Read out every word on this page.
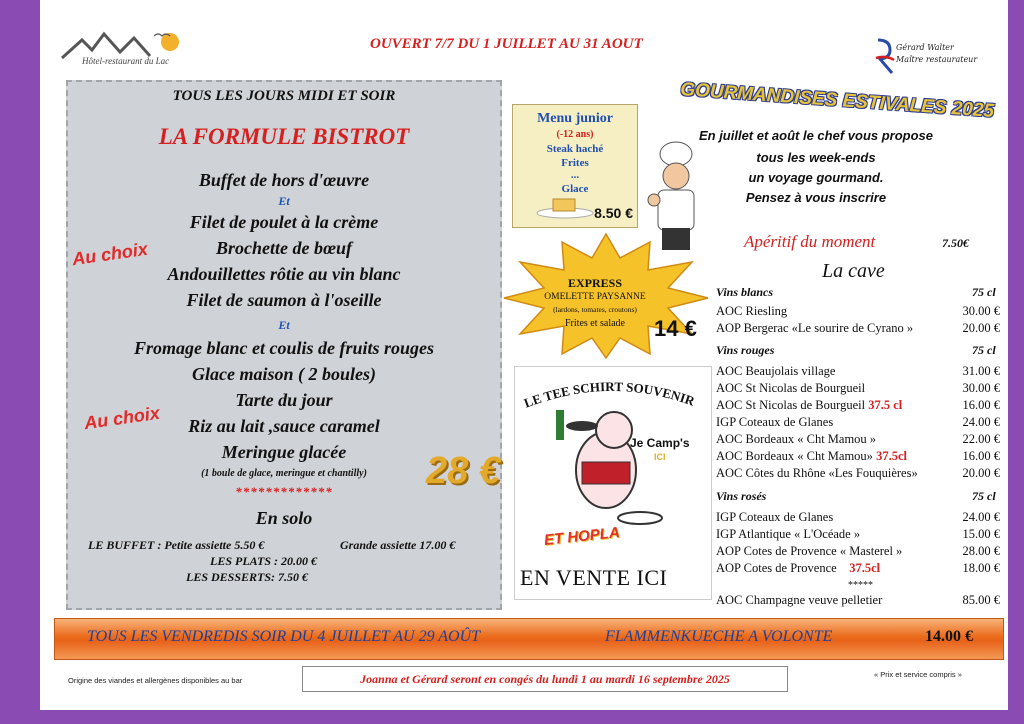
Hôtel-restaurant du Lac
OUVERT 7/7 DU 1 JUILLET AU 31 AOUT	Gérard Walter
Maître restaurateur
TOUS LES JOURS MIDI ET SOIR
LA FORMULE BISTROT
Buffet de hors d'œuvre
Et
Filet de poulet à la crème
Brochette de bœuf
Andouillettes rôtie au vin blanc
Filet de saumon à l'oseille
Et
Fromage blanc et coulis de fruits rouges
Glace maison ( 2 boules)
Tarte du jour
Riz au lait ,sauce caramel
Meringue glacée
(1 boule de glace, meringue et chantilly)
*************
En solo
Au choix
Au choix
28 €
LE BUFFET : Petite assiette 5.50 €	Grande assiette 17.00 €
LES PLATS : 20.00 €
LES DESSERTS: 7.50 €
Menu junior
(-12 ans)
Steak haché
Frites
...
Glace
8.50 €
GOURMANDISES ESTIVALES 2025
En juillet et août le chef vous propose
tous les week-ends
un voyage gourmand.
Pensez à vous inscrire
Apéritif du moment	7.50€
La cave
Vins blancs	75 cl
AOC Riesling	30.00 €
AOP Bergerac «Le sourire de Cyrano »	20.00 €
Vins rouges	75 cl
AOC Beaujolais village	31.00 €
AOC St Nicolas de Bourgueil	30.00 €
AOC St Nicolas de Bourgueil 37.5 cl	16.00 €
IGP Coteaux de Glanes	24.00 €
AOC Bordeaux « Cht Mamou »	22.00 €
AOC Bordeaux « Cht Mamou» 37.5cl	16.00 €
AOC Côtes du Rhône «Les Fouquières»	20.00 €
Vins rosés	75 cl
IGP Coteaux de Glanes	24.00 €
IGP Atlantique « L'Océade »	15.00 €
AOP Cotes de Provence « Masterel »	28.00 €
AOP Cotes de Provence 37.5cl	18.00 €
*****
AOC Champagne veuve pelletier	85.00 €
EXPRESS
OMELETTE PAYSANNE
(lardons, tomates, croutons)
Frites et salade	14 €
LE TEE SCHIRT SOUVENIR
Je Camp's
ICI
ET HOPLA
EN VENTE ICI
TOUS LES VENDREDIS SOIR DU 4 JUILLET AU 29 AOÛT	FLAMMENKUECHE A VOLONTE	14.00 €
Origine des viandes et allergènes disponibles au bar	Joanna et Gérard seront en congés du lundi 1 au mardi 16 septembre 2025	« Prix et service compris »
